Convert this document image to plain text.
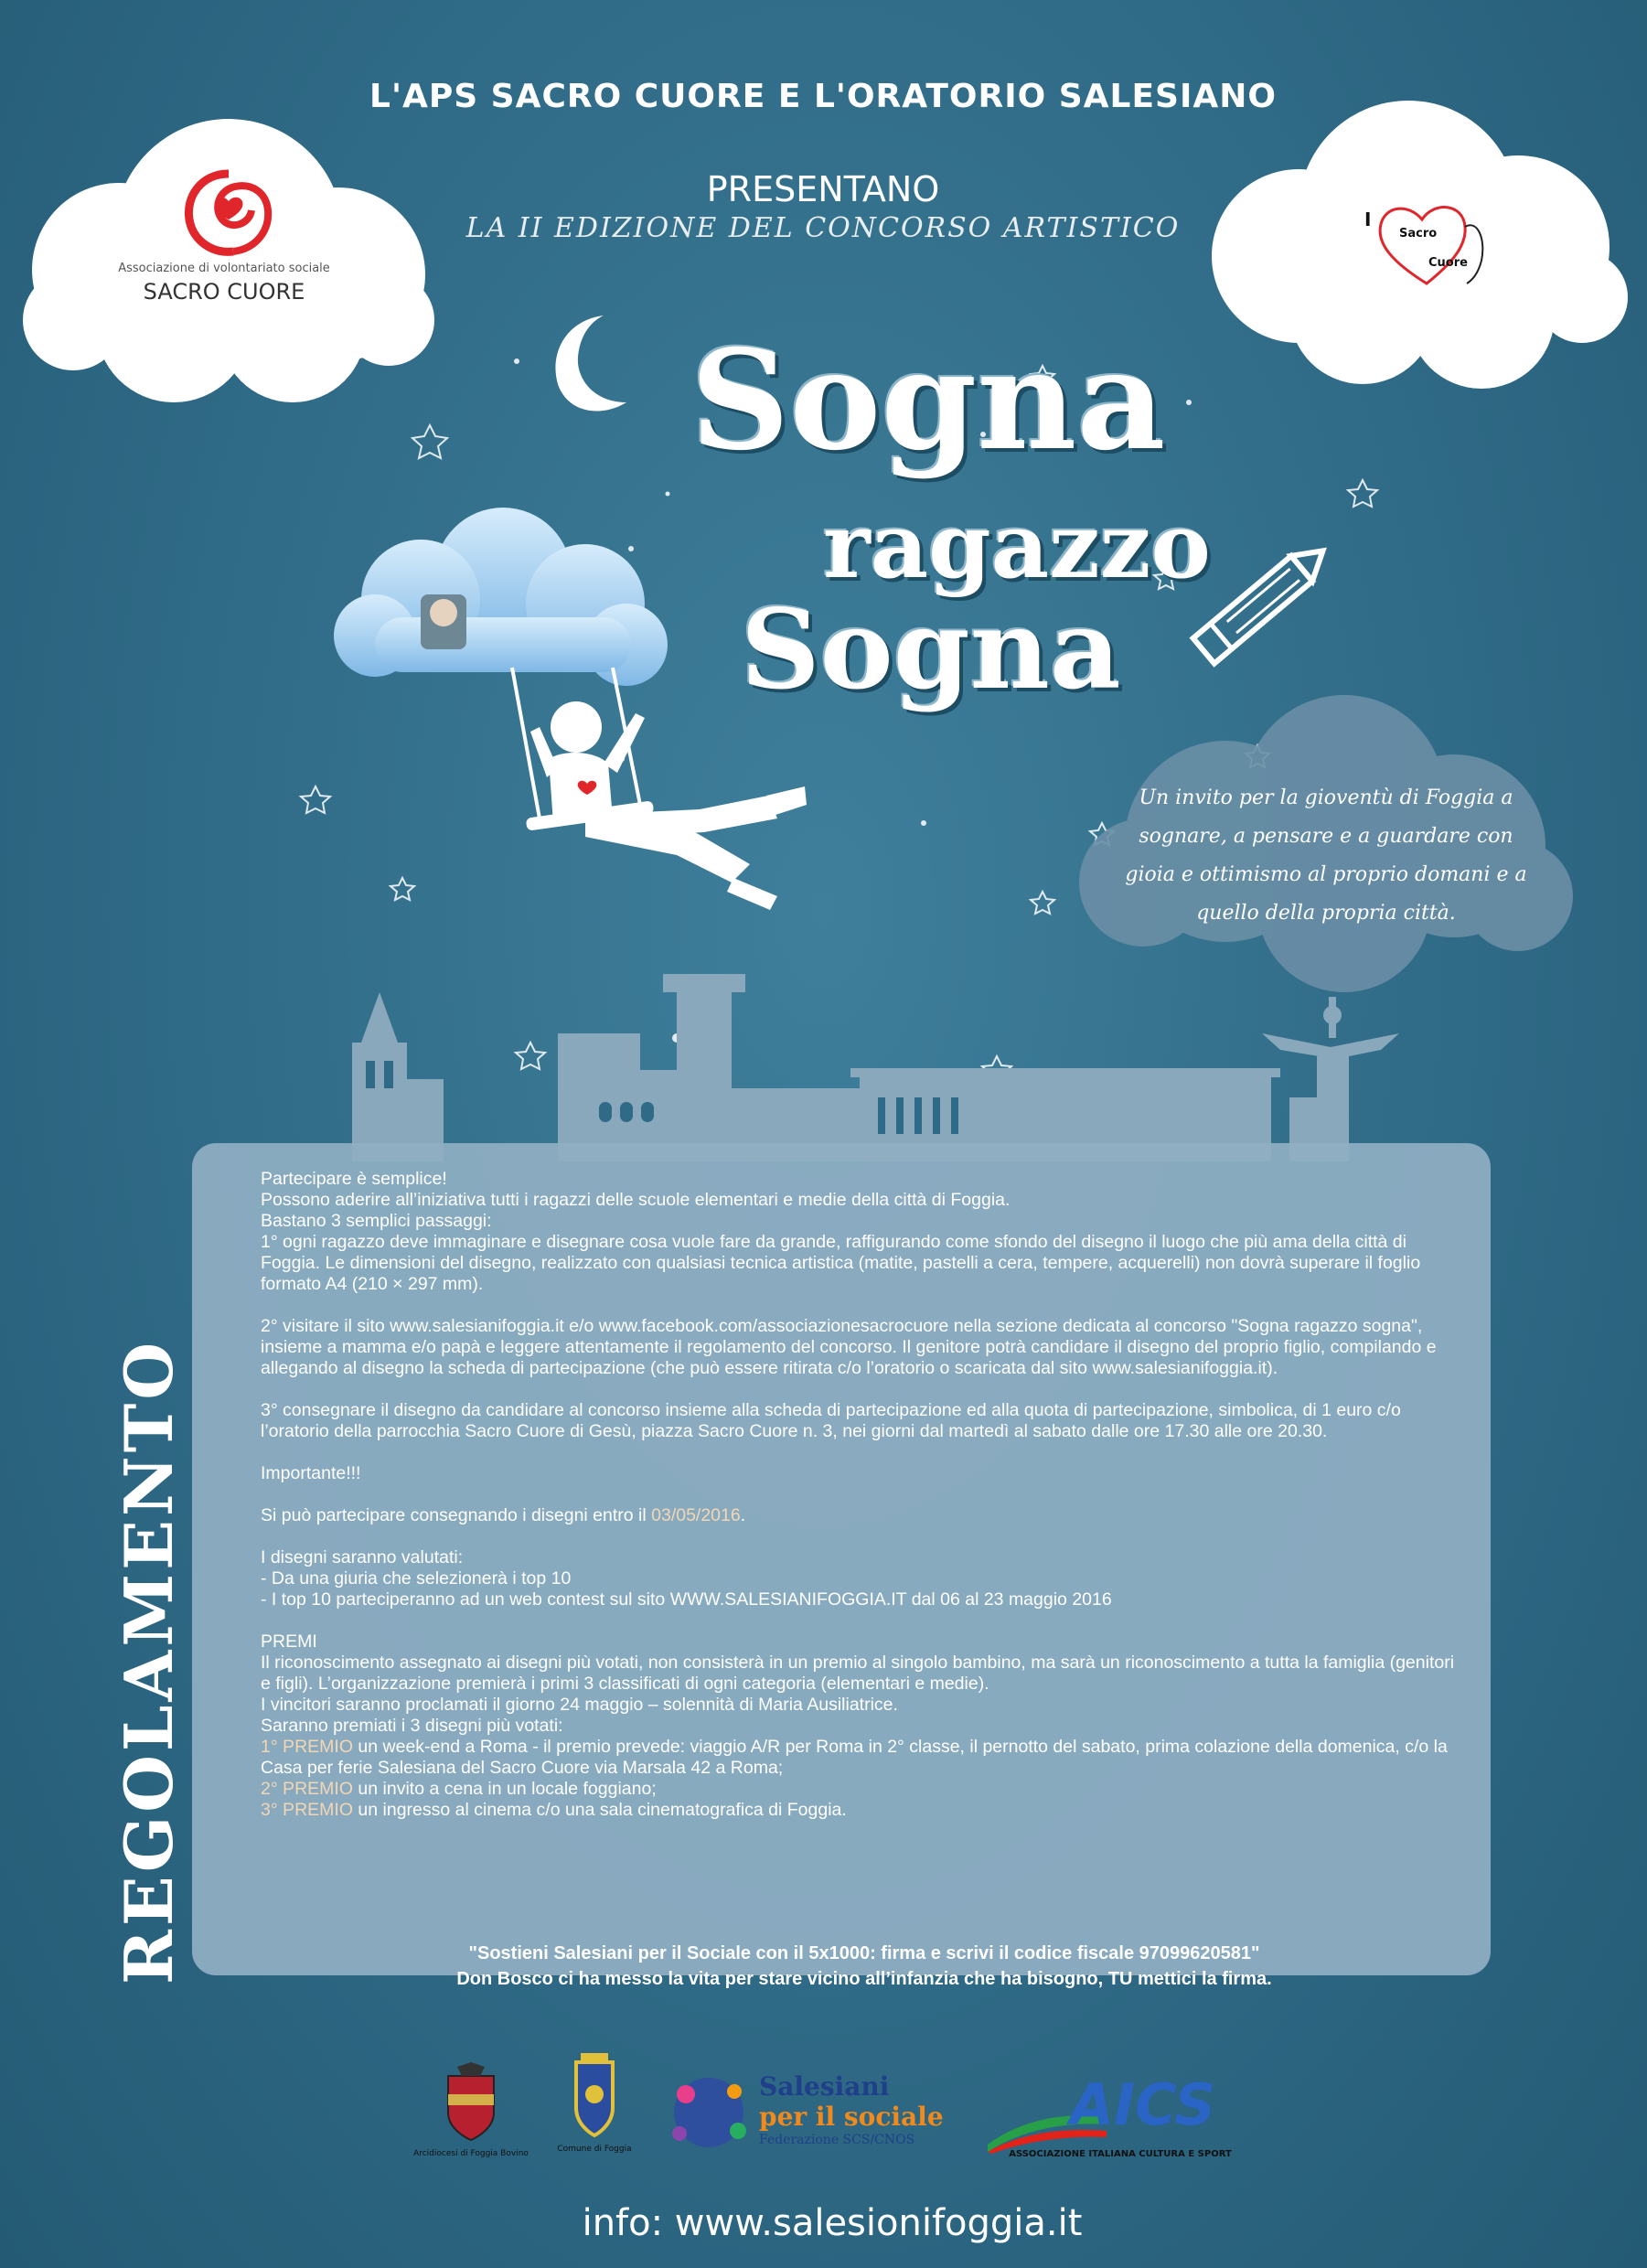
Associazione di volontariato sociale
SACRO CUORE
I
Sacro
Cuore
L'APS SACRO CUORE E L'ORATORIO SALESIANO
PRESENTANO
LA II EDIZIONE DEL CONCORSO ARTISTICO
Sogna
ragazzo
Sogna
Un invito per la gioventù di Foggia a sognare, a pensare e a guardare con gioia e ottimismo al proprio domani e a quello della propria città.
REGOLAMENTO

Partecipare è semplice!

Possono aderire all’iniziativa tutti i ragazzi delle scuole elementari e medie della città di Foggia.

Bastano 3 semplici passaggi:

1° ogni ragazzo deve immaginare e disegnare cosa vuole fare da grande, raffigurando come sfondo del disegno il luogo che più ama della città di Foggia. Le dimensioni del disegno, realizzato con qualsiasi tecnica artistica (matite, pastelli a cera, tempere, acquerelli) non dovrà superare il foglio formato A4 (210 × 297 mm).

2° visitare il sito www.salesianifoggia.it e/o www.facebook.com/associazionesacrocuore nella sezione dedicata al concorso "Sogna ragazzo sogna", insieme a mamma e/o papà e leggere attentamente il regolamento del concorso. Il genitore potrà candidare il disegno del proprio figlio, compilando e allegando al disegno la scheda di partecipazione (che può essere ritirata c/o l’oratorio o scaricata dal sito www.salesianifoggia.it).

3° consegnare il disegno da candidare al concorso insieme alla scheda di partecipazione ed alla quota di partecipazione, simbolica, di 1 euro c/o l’oratorio della parrocchia Sacro Cuore di Gesù, piazza Sacro Cuore n. 3, nei giorni dal martedì al sabato dalle ore 17.30 alle ore 20.30.

Importante!!!

Si può partecipare consegnando i disegni entro il 03/05/2016.

I disegni saranno valutati:

- Da una giuria che selezionerà i top 10

- I top 10 parteciperanno ad un web contest sul sito WWW.SALESIANIFOGGIA.IT dal 06 al 23 maggio 2016

PREMI

Il riconoscimento assegnato ai disegni più votati, non consisterà in un premio al singolo bambino, ma sarà un riconoscimento a tutta la famiglia (genitori e figli). L’organizzazione premierà i primi 3 classificati di ogni categoria (elementari e medie).

I vincitori saranno proclamati il giorno 24 maggio – solennità di Maria Ausiliatrice.

Saranno premiati i 3 disegni più votati:

1° PREMIO un week-end a Roma - il premio prevede: viaggio A/R per Roma in 2° classe, il pernotto del sabato, prima colazione della domenica, c/o la Casa per ferie Salesiana del Sacro Cuore via Marsala 42 a Roma;

2° PREMIO un invito a cena in un locale foggiano;

3° PREMIO un ingresso al cinema c/o una sala cinematografica di Foggia.

"Sostieni Salesiani per il Sociale con il 5x1000: firma e scrivi il codice fiscale 97099620581"

Don Bosco ci ha messo la vita per stare vicino all’infanzia che ha bisogno, TU mettici la firma.

Arcidiocesi di Foggia Bovino	Comune di Foggia
Salesiani
per il sociale
Federazione SCS/CNOS
AICS
ASSOCIAZIONE ITALIANA CULTURA E SPORT
info: www.salesionifoggia.it
